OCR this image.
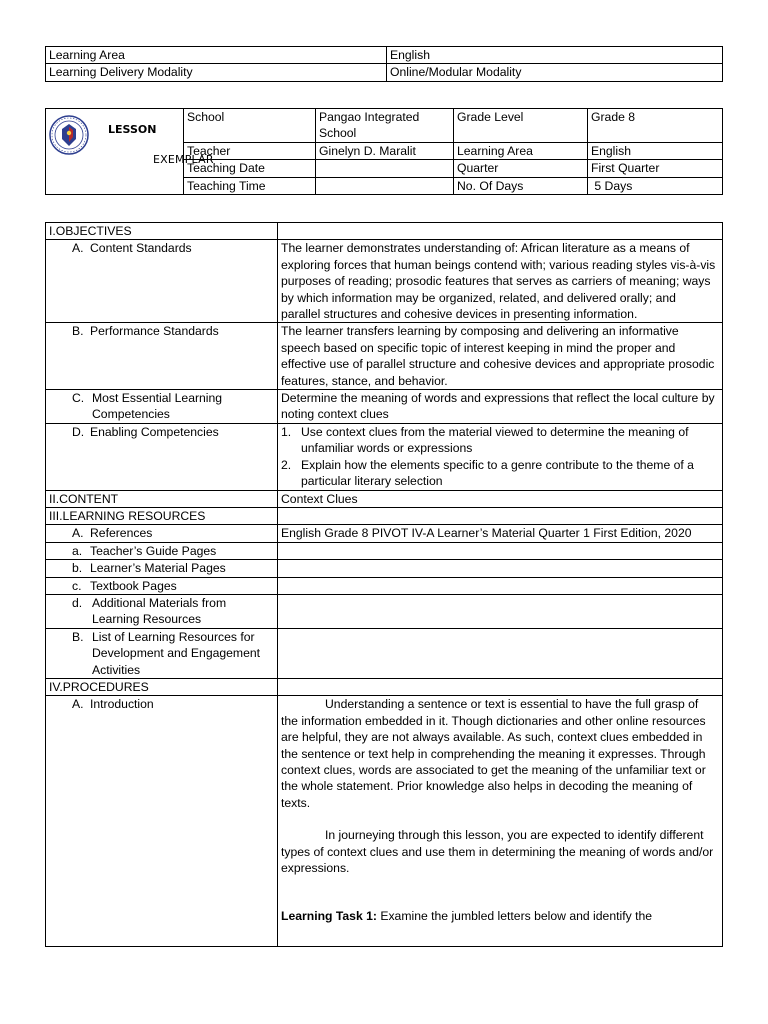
Learning Area	English
Learning Delivery Modality	Online/Modular Modality
LESSON
EXEMPLAR	School	Pangao Integrated School	Grade Level	Grade 8
	Teacher	Ginelyn D. Maralit	Learning Area	English
	Teaching Date		Quarter	First Quarter
	Teaching Time		No. Of Days	5 Days
I.OBJECTIVES	
A. Content Standards	The learner demonstrates understanding of: African literature as a means of exploring forces that human beings contend with; various reading styles vis-à-vis purposes of reading; prosodic features that serves as carriers of meaning; ways by which information may be organized, related, and delivered orally; and parallel structures and cohesive devices in presenting information.
B. Performance Standards	The learner transfers learning by composing and delivering an informative speech based on specific topic of interest keeping in mind the proper and effective use of parallel structure and cohesive devices and appropriate prosodic features, stance, and behavior.

C. Most Essential Learning Competencies	Determine the meaning of words and expressions that reflect the local culture by noting context clues
D. Enabling Competencies	1. Use context clues from the material viewed to determine the meaning of unfamiliar words or expressions
2. Explain how the elements specific to a genre contribute to the theme of a particular literary selection

II.CONTENT	Context Clues
III.LEARNING RESOURCES	
A. References	English Grade 8 PIVOT IV-A Learner’s Material Quarter 1 First Edition, 2020
a. Teacher’s Guide Pages	
b. Learner’s Material Pages	
c. Textbook Pages	

d. Additional Materials from Learning Resources	

B. List of Learning Resources for Development and Engagement Activities	

IV.PROCEDURES	
A. Introduction	Understanding a sentence or text is essential to have the full grasp of the information embedded in it. Though dictionaries and other online resources are helpful, they are not always available. As such, context clues embedded in the sentence or text help in comprehending the meaning it expresses. Through context clues, words are associated to get the meaning of the unfamiliar text or the whole statement. Prior knowledge also helps in decoding the meaning of texts.

In journeying through this lesson, you are expected to identify different types of context clues and use them in determining the meaning of words and/or expressions.

Learning Task 1: Examine the jumbled letters below and identify the
